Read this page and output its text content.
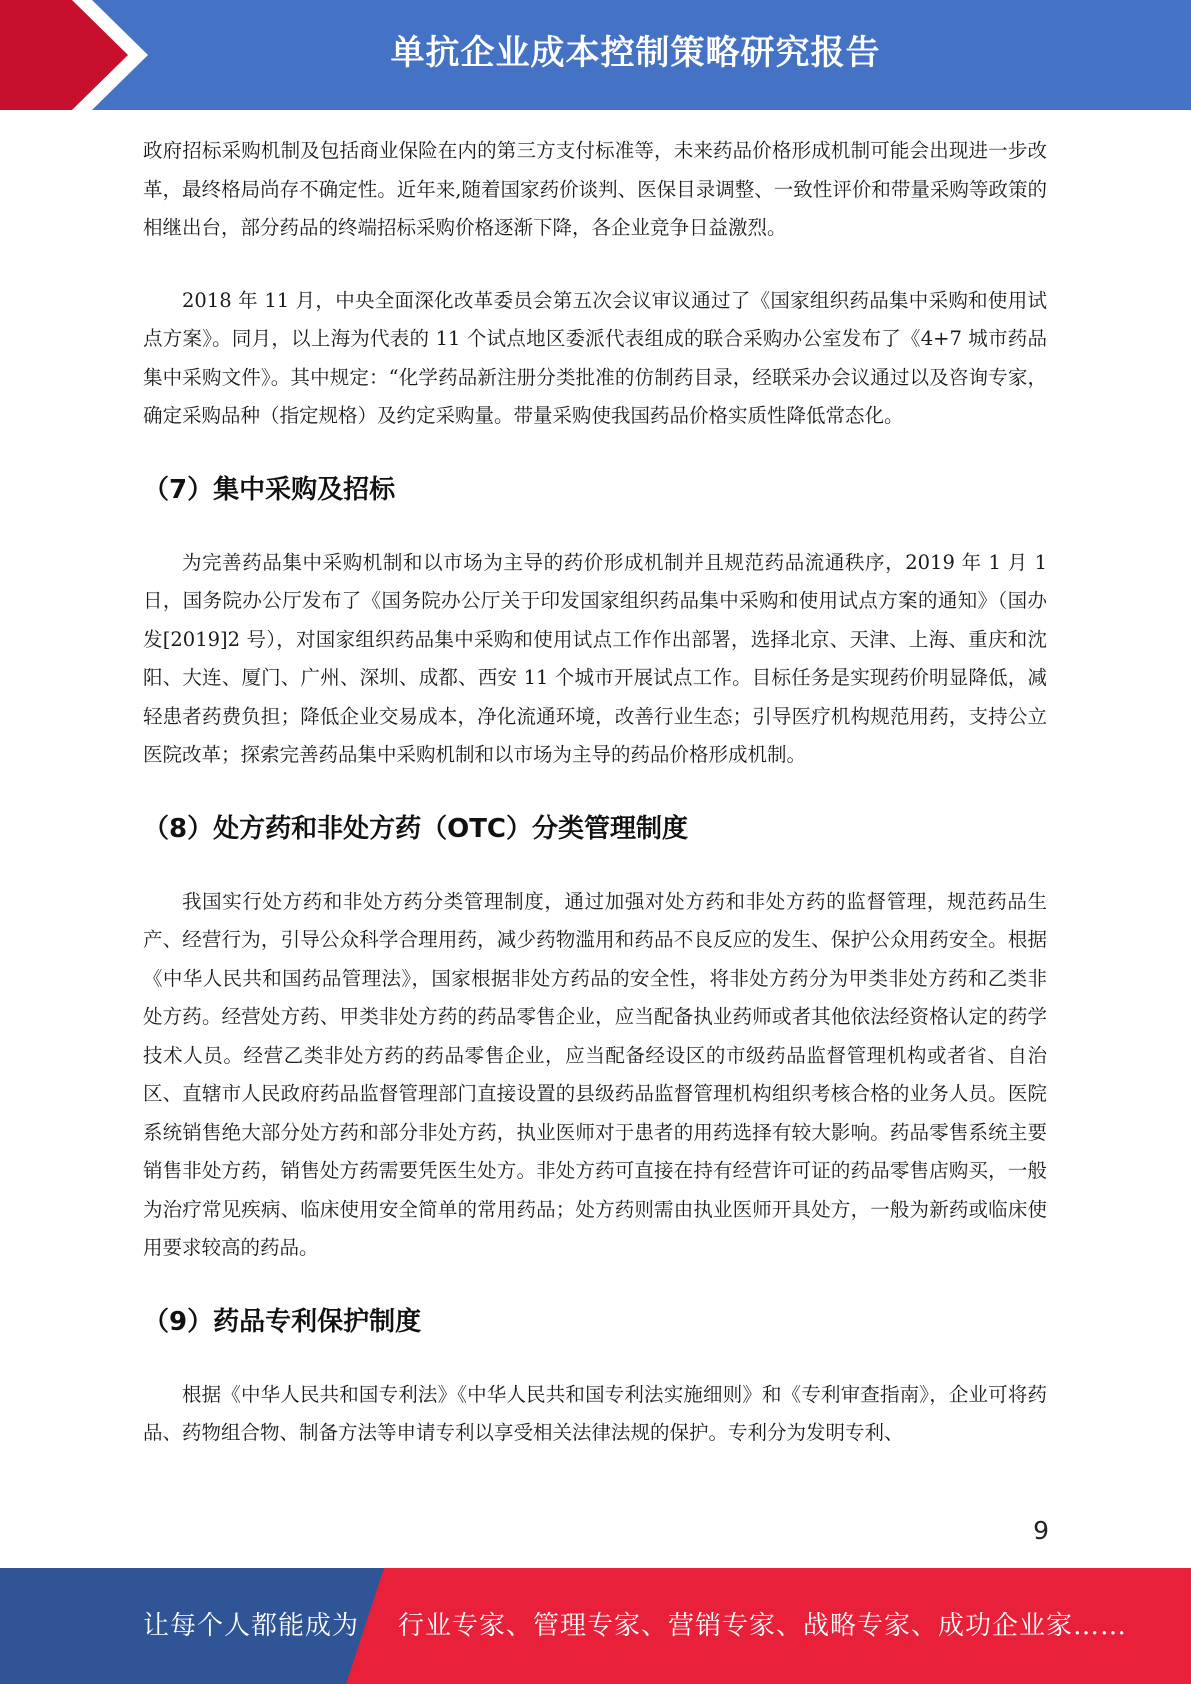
单抗企业成本控制策略研究报告

政府招标采购机制及包括商业保险在内的第三方支付标准等，未来药品价格形成机制可能会出现进一步改革，最终格局尚存不确定性。近年来,随着国家药价谈判、医保目录调整、一致性评价和带量采购等政策的相继出台，部分药品的终端招标采购价格逐渐下降，各企业竞争日益激烈。

2018 年 11 月，中央全面深化改革委员会第五次会议审议通过了《国家组织药品集中采购和使用试点方案》。同月，以上海为代表的 11 个试点地区委派代表组成的联合采购办公室发布了《4+7 城市药品集中采购文件》。其中规定：“化学药品新注册分类批准的仿制药目录，经联采办会议通过以及咨询专家，确定采购品种（指定规格）及约定采购量。带量采购使我国药品价格实质性降低常态化。

（7）集中采购及招标

为完善药品集中采购机制和以市场为主导的药价形成机制并且规范药品流通秩序，2019 年 1 月 1 日，国务院办公厅发布了《国务院办公厅关于印发国家组织药品集中采购和使用试点方案的通知》（国办发[2019]2 号），对国家组织药品集中采购和使用试点工作作出部署，选择北京、天津、上海、重庆和沈阳、大连、厦门、广州、深圳、成都、西安 11 个城市开展试点工作。目标任务是实现药价明显降低，减轻患者药费负担；降低企业交易成本，净化流通环境，改善行业生态；引导医疗机构规范用药，支持公立医院改革；探索完善药品集中采购机制和以市场为主导的药品价格形成机制。

（8）处方药和非处方药（OTC）分类管理制度

我国实行处方药和非处方药分类管理制度，通过加强对处方药和非处方药的监督管理，规范药品生产、经营行为，引导公众科学合理用药，减少药物滥用和药品不良反应的发生、保护公众用药安全。根据《中华人民共和国药品管理法》，国家根据非处方药品的安全性，将非处方药分为甲类非处方药和乙类非处方药。经营处方药、甲类非处方药的药品零售企业，应当配备执业药师或者其他依法经资格认定的药学技术人员。经营乙类非处方药的药品零售企业，应当配备经设区的市级药品监督管理机构或者省、自治区、直辖市人民政府药品监督管理部门直接设置的县级药品监督管理机构组织考核合格的业务人员。医院系统销售绝大部分处方药和部分非处方药，执业医师对于患者的用药选择有较大影响。药品零售系统主要销售非处方药，销售处方药需要凭医生处方。非处方药可直接在持有经营许可证的药品零售店购买，一般为治疗常见疾病、临床使用安全简单的常用药品；处方药则需由执业医师开具处方，一般为新药或临床使用要求较高的药品。

（9）药品专利保护制度

根据《中华人民共和国专利法》《中华人民共和国专利法实施细则》和《专利审查指南》，企业可将药品、药物组合物、制备方法等申请专利以享受相关法律法规的保护。专利分为发明专利、

9
让每个人都能成为 行业专家、管理专家、营销专家、战略专家、成功企业家……
